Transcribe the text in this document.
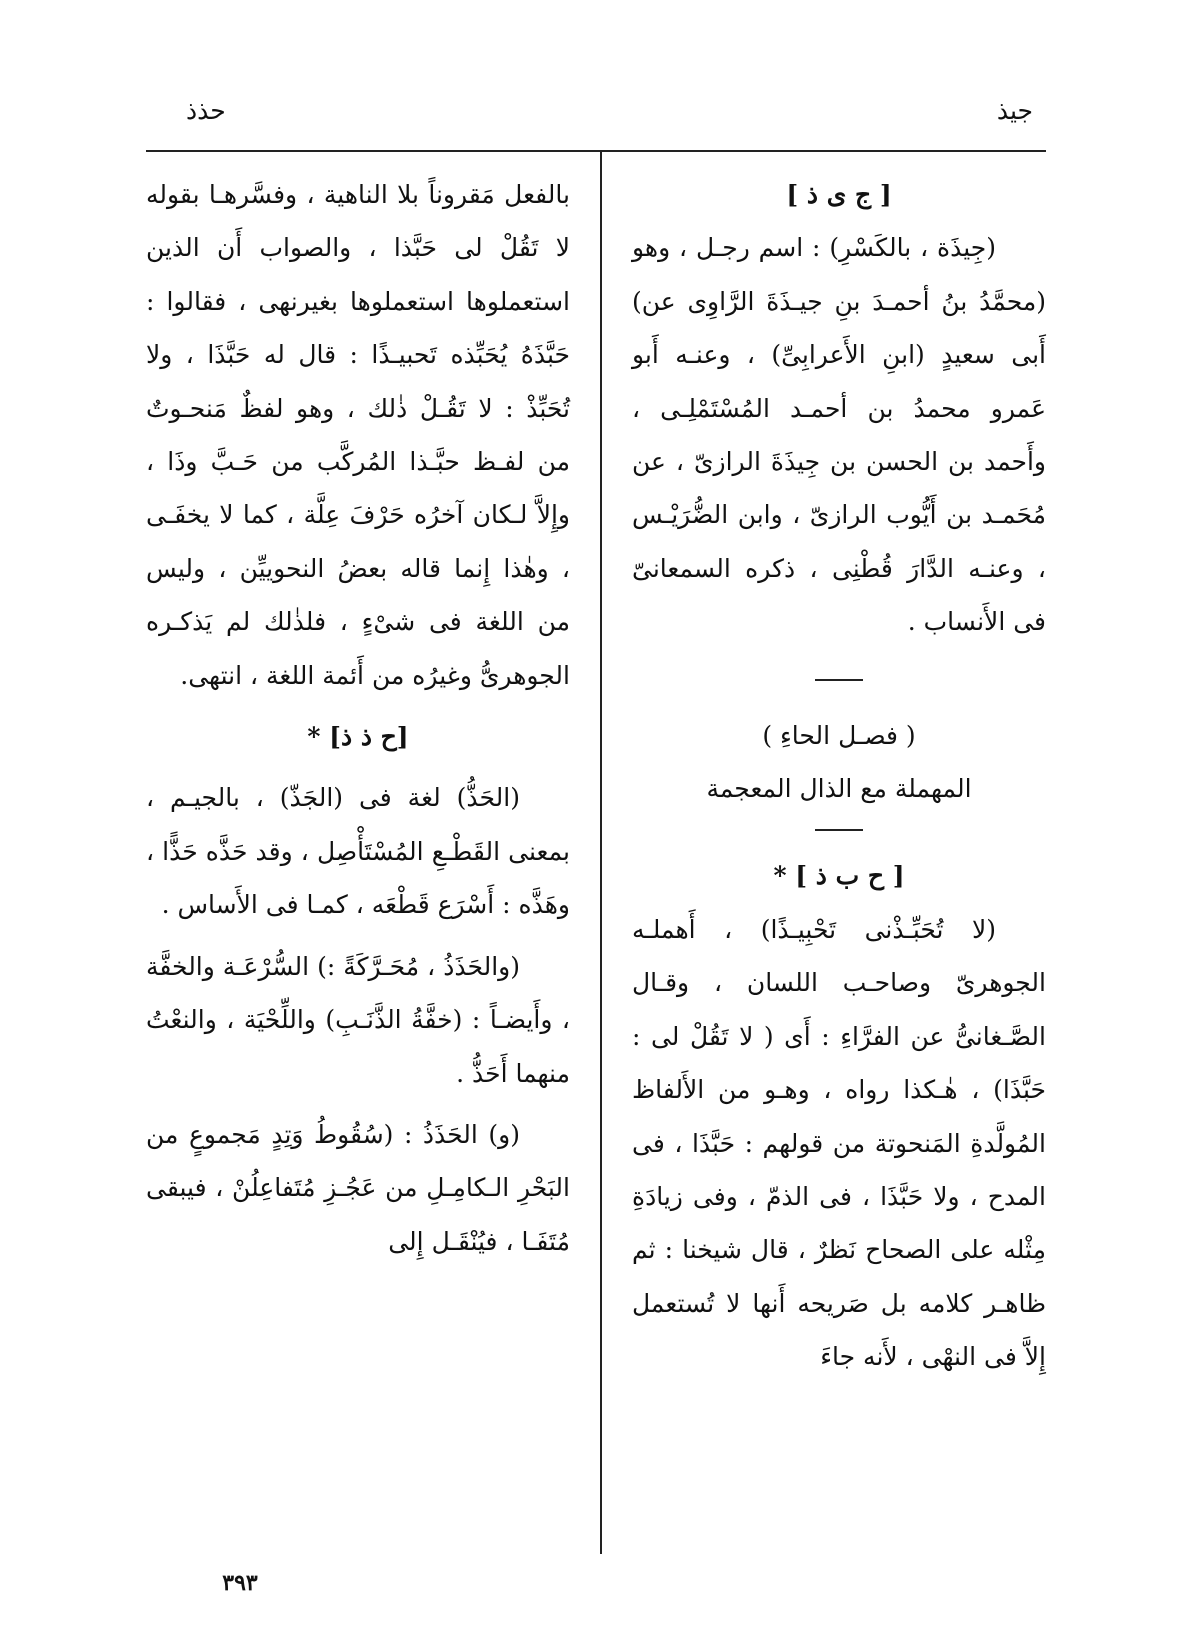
جيذ
حذذ

[ ج ى ذ ]

(جِيذَة ، بالكَسْرِ) : اسم رجـل ، وهو (محمَّدُ بنُ أحمـدَ بنِ جيـذَةَ الرَّاوِى عن) أَبى سعيدٍ (ابنِ الأَعرابِىِّ) ، وعنـه أَبو عَمرو محمدُ بن أحمـد المُسْتَمْلِـى ، وأَحمد بن الحسن بن جِيذَةَ الرازىّ ، عن مُحَمـد بن أَيُّوب الرازىّ ، وابن الضُّرَيْـس ، وعنـه الدَّارَ قُطْنِى ، ذكره السمعانىّ فى الأَنساب .

( فصـل الحاءِ )

المهملة مع الذال المعجمة

[ ح ب ذ ] *

(لا تُحَبِّـذْنى تَحْبِيـذًا) ، أَهملـه الجوهرىّ وصاحـب اللسان ، وقـال الصَّـغانىُّ عن الفرَّاءِ : أَى ( لا تَقُلْ لى : حَبَّذَا) ، هٰـكذا رواه ، وهـو من الأَلفاظ المُولَّدةِ المَنحوتة من قولهم : حَبَّذَا ، فى المدح ، ولا حَبَّذَا ، فى الذمّ ، وفى زيادَةِ مِثْله على الصحاح نَظرٌ ، قال شيخنا : ثم ظاهـر كلامه بل صَريحه أَنها لا تُستعمل إِلاَّ فى النهْى ، لأَنه جاءَ

بالفعل مَقروناً بلا الناهية ، وفسَّرهـا بقوله لا تَقُلْ لى حَبَّذا ، والصواب أَن الذين استعملوها استعملوها بغيرنهى ، فقالوا : حَبَّذَهُ يُحَبِّذه تَحبيـذًا : قال له حَبَّذَا ، ولا تُحَبِّذْ : لا تَقُـلْ ذٰلك ، وهو لفظٌ مَنحـوتٌ من لفـظ حبَّـذا المُركَّب من حَـبَّ وذَا ، وإِلاَّ لـكان آخرُه حَرْفَ عِلَّة ، كما لا يخفَـى ، وهٰذا إِنما قاله بعضُ النحوييِّن ، وليس من اللغة فى شىْءٍ ، فلذٰلك لم يَذكـره الجوهرىُّ وغيرُه من أَئمة اللغة ، انتهى.

[ح ذ ذ] *

(الحَذُّ) لغة فى (الجَذّ) ، بالجيـم ، بمعنى القَطْـعِ المُسْتَأْصِل ، وقد حَذَّه حَذًّا ، وهَذَّه : أَسْرَع قَطْعَه ، كمـا فى الأَساس .

(والحَذَذُ ، مُحَـرَّكَةً :) السُّرْعَـة والخفَّة ، وأَيضـاً : (خفَّةُ الذَّنَـبِ) واللِّحْيَة ، والنعْتُ منهما أَحَذُّ .

(و) الحَذَذُ : (سُقُوطُ وَتِدٍ مَجموعٍ من البَحْرِ الـكامِـلِ من عَجُـزِ مُتَفاعِلُنْ ، فيبقى مُتَفَـا ، فيُنْقَـل إِلى

٣٩٣
